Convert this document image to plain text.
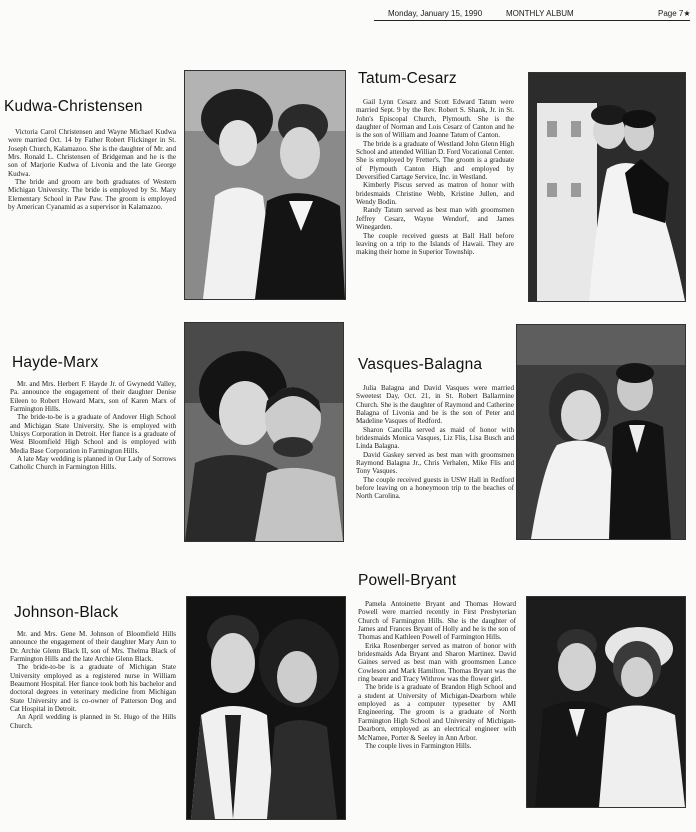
Monday, January 15, 1990	MONTHLY ALBUM	Page 7★
Kudwa-Christensen

Victoria Carol Christensen and Wayne Michael Kudwa were married Oct. 14 by Father Robert Flickinger in St. Joseph Church, Kalamazoo. She is the daughter of Mr. and Mrs. Ronald L. Christensen of Bridgeman and he is the son of Marjorie Kudwa of Livonia and the late George Kudwa.

The bride and groom are both graduates of Western Michigan University. The bride is employed by St. Mary Elementary School in Paw Paw. The groom is employed by American Cyanamid as a supervisor in Kalamazoo.

Tatum-Cesarz

Gail Lynn Cesarz and Scott Edward Tatum were married Sept. 9 by the Rev. Robert S. Shank, Jr. in St. John's Episcopal Church, Plymouth. She is the daughter of Norman and Lois Cesarz of Canton and he is the son of William and Joanne Tatum of Canton.

The bride is a graduate of Westland John Glenn High School and attended Willian D. Ford Vocational Center. She is employed by Fretter's. The groom is a graduate of Plymouth Canton High and employed by Deversified Cartage Service, Inc. in Westland.

Kimberly Piscus served as matron of honor with bridesmaids Christine Webb, Kristine Jullen, and Wendy Bodin.

Randy Tatum served as best man with groomsmen Jeffrey Cesarz, Wayne Wendorf, and James Winegarden.

The couple received guests at Ball Hall before leaving on a trip to the Islands of Hawaii. They are making their home in Superior Township.

Hayde-Marx

Mr. and Mrs. Herbert F. Hayde Jr. of Gwynedd Valley, Pa. announce the engagement of their daughter Denise Eileen to Robert Howard Marx, son of Karen Marx of Farmington Hills.

The bride-to-be is a graduate of Andover High School and Michigan State University. She is employed with Unisys Corporation in Detroit. Her fiance is a graduate of West Bloomfield High School and is employed with Media Base Corporation in Farmington Hills.

A late May wedding is planned in Our Lady of Sorrows Catholic Church in Farmington Hills.

Vasques-Balagna

Julia Balagna and David Vasques were married Sweetest Day, Oct. 21, in St. Robert Ballarmine Church. She is the daughter of Raymond and Catherine Balagna of Livonia and he is the son of Peter and Madeline Vasques of Redford.

Sharon Cancilla served as maid of honor with bridesmaids Monica Vasques, Liz Flis, Lisa Busch and Linda Balagna.

David Gaskey served as best man with groomsmen Raymond Balagna Jr., Chris Verhalen, Mike Flis and Tony Vasques.

The couple received guests in USW Hall in Redford before leaving on a honeymoon trip to the beaches of North Carolina.

Johnson-Black

Mr. and Mrs. Gene M. Johnson of Bloomfield Hills announce the engagement of their daughter Mary Ann to Dr. Archie Glenn Black II, son of Mrs. Thelma Black of Farmington Hills and the late Archie Glenn Black.

The bride-to-be is a graduate of Michigan State University employed as a registered nurse in William Beaumont Hospital. Her fiance took both his bachelor and doctoral degrees in veterinary medicine from Michigan State University and is co-owner of Patterson Dog and Cat Hospital in Detroit.

An April wedding is planned in St. Hugo of the Hills Church.

Powell-Bryant

Pamela Antoinette Bryant and Thomas Howard Powell were married recently in First Presbyterian Church of Farmington Hills. She is the daughter of James and Frances Bryant of Holly and he is the son of Thomas and Kathleen Powell of Farmington Hills.

Erika Rosenberger served as matron of honor with bridesmaids Ada Bryant and Sharon Martinez. David Gaines served as best man with groomsmen Lance Cowleson and Mark Hamilton. Thomas Bryant was the ring bearer and Tracy Withrow was the flower girl.

The bride is a graduate of Brandon High School and a student at University of Michigan-Dearborn while employed as a computer typesetter by AMI Engineering. The groom is a graduate of North Farmington High School and University of Michigan-Dearborn, employed as an electrical engineer with McNamee, Porter & Seeley in Ann Arbor.

The couple lives in Farmington Hills.
